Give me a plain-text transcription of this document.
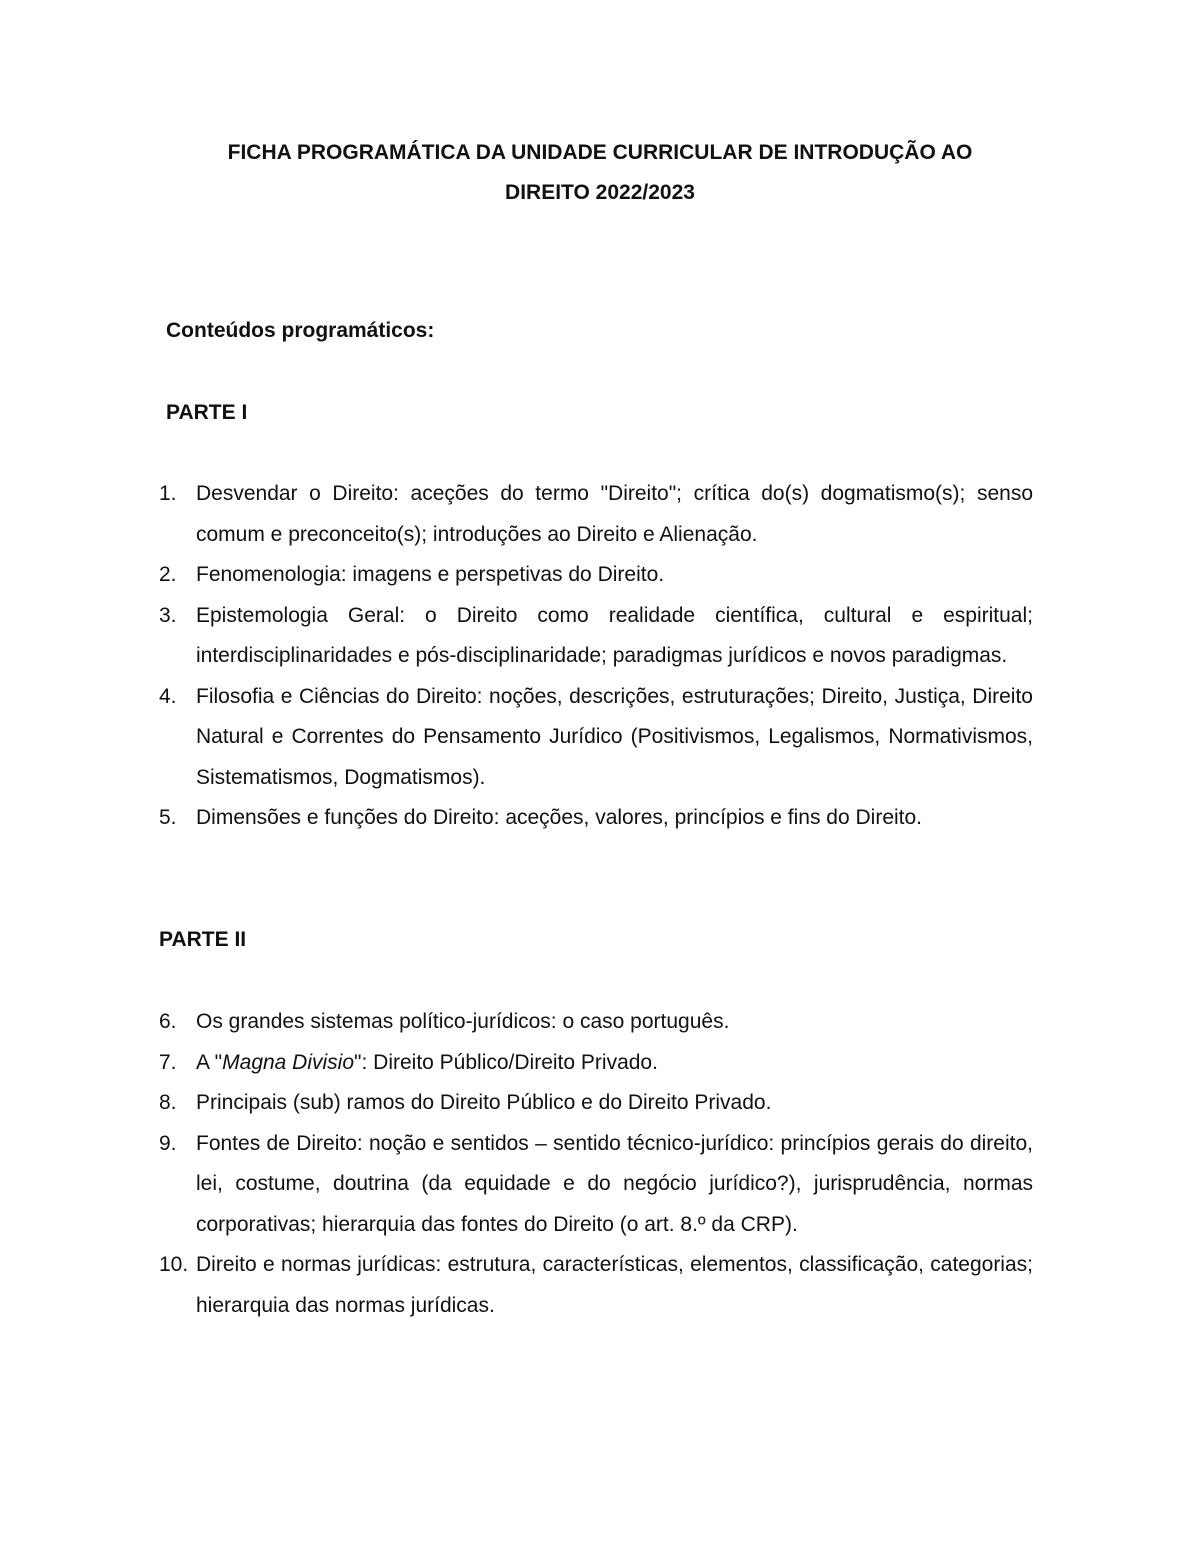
FICHA PROGRAMÁTICA DA UNIDADE CURRICULAR DE INTRODUÇÃO AO
DIREITO 2022/2023
Conteúdos programáticos:
PARTE I
1. Desvendar o Direito: aceções do termo "Direito"; crítica do(s) dogmatismo(s); senso comum e preconceito(s); introduções ao Direito e Alienação.
2. Fenomenologia: imagens e perspetivas do Direito.
3. Epistemologia Geral: o Direito como realidade científica, cultural e espiritual; interdisciplinaridades e pós-disciplinaridade; paradigmas jurídicos e novos paradigmas.
4. Filosofia e Ciências do Direito: noções, descrições, estruturações; Direito, Justiça, Direito Natural e Correntes do Pensamento Jurídico (Positivismos, Legalismos, Normativismos, Sistematismos, Dogmatismos).
5. Dimensões e funções do Direito: aceções, valores, princípios e fins do Direito.
PARTE II
6. Os grandes sistemas político-jurídicos: o caso português.
7. A "Magna Divisio": Direito Público/Direito Privado.
8. Principais (sub) ramos do Direito Público e do Direito Privado.
9. Fontes de Direito: noção e sentidos – sentido técnico-jurídico: princípios gerais do direito, lei, costume, doutrina (da equidade e do negócio jurídico?), jurisprudência, normas corporativas; hierarquia das fontes do Direito (o art. 8.º da CRP).
10. Direito e normas jurídicas: estrutura, características, elementos, classificação, categorias; hierarquia das normas jurídicas.
